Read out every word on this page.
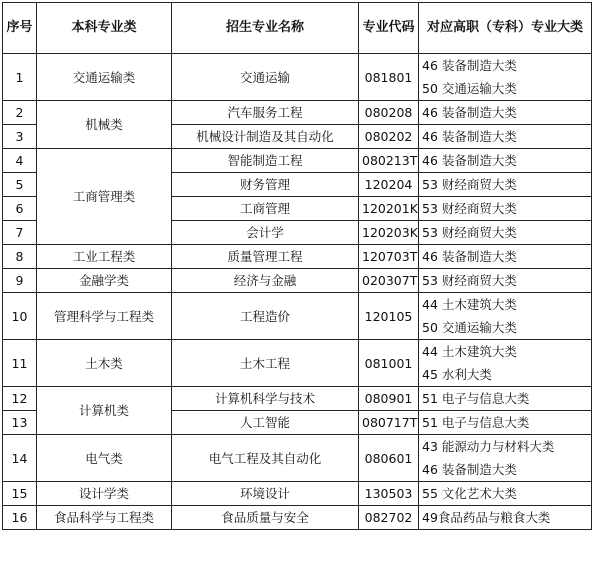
序号	本科专业类	招生专业名称	专业代码	对应高职（专科）专业大类
1	交通运输类	交通运输	081801	46 装备制造大类
50 交通运输大类

2	机械类	汽车服务工程	080208	46 装备制造大类
3		机械设计制造及其自动化	080202	46 装备制造大类
4	工商管理类	智能制造工程	080213T	46 装备制造大类
5		财务管理	120204	53 财经商贸大类
6		工商管理	120201K	53 财经商贸大类
7		会计学	120203K	53 财经商贸大类
8	工业工程类	质量管理工程	120703T	46 装备制造大类
9	金融学类	经济与金融	020307T	53 财经商贸大类
10	管理科学与工程类	工程造价	120105	44 土木建筑大类
50 交通运输大类

11	土木类	土木工程	081001	44 土木建筑大类
45 水利大类

12	计算机类	计算机科学与技术	080901	51 电子与信息大类
13		人工智能	080717T	51 电子与信息大类
14	电气类	电气工程及其自动化	080601	43 能源动力与材料大类
46 装备制造大类

15	设计学类	环境设计	130503	55 文化艺术大类
16	食品科学与工程类	食品质量与安全	082702	49食品药品与粮食大类
